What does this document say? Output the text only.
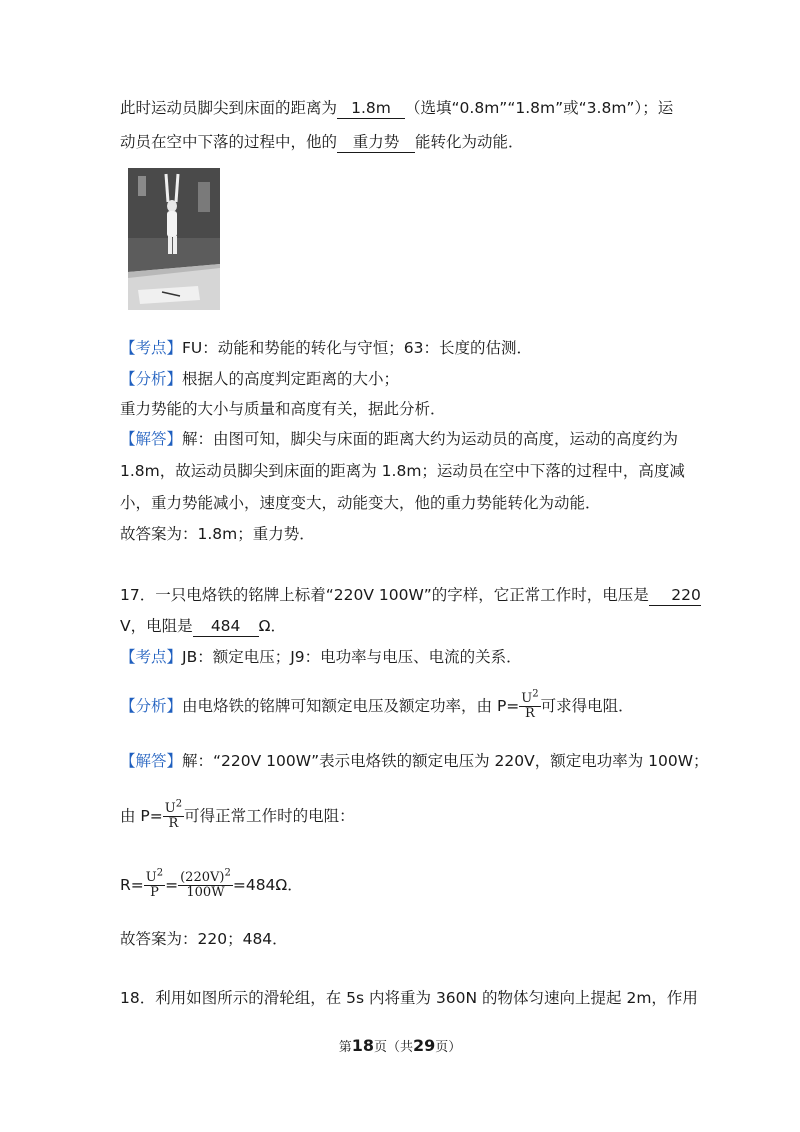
此时运动员脚尖到床面的距离为 1.8m （选填“0.8m”“1.8m”或“3.8m”）；运
动员在空中下落的过程中，他的 重力势 能转化为动能．
【考点】FU：动能和势能的转化与守恒；63：长度的估测．
【分析】根据人的高度判定距离的大小；
重力势能的大小与质量和高度有关，据此分析．
【解答】解：由图可知，脚尖与床面的距离大约为运动员的高度，运动的高度约为
1.8m，故运动员脚尖到床面的距离为 1.8m；运动员在空中下落的过程中，高度减
小，重力势能减小，速度变大，动能变大，他的重力势能转化为动能．
故答案为：1.8m；重力势．
17．一只电烙铁的铭牌上标着“220V 100W”的字样，它正常工作时，电压是 220
V，电阻是 484 Ω．
【考点】JB：额定电压；J9：电功率与电压、电流的关系．
【分析】由电烙铁的铭牌可知额定电压及额定功率，由 $P= \frac{U^2}{R}$ 可求得电阻．
【解答】解：“220V 100W”表示电烙铁的额定电压为 220V，额定电功率为 100W；
由 $P= \frac{U^2}{R}$ 可得正常工作时的电阻：
$R= \frac{U^2}{P} = \frac{(220V)^2}{100W} =484\Omega$．
故答案为：220；484．
18．利用如图所示的滑轮组，在 5s 内将重为 360N 的物体匀速向上提起 2m，作用
第18页（共29页）
